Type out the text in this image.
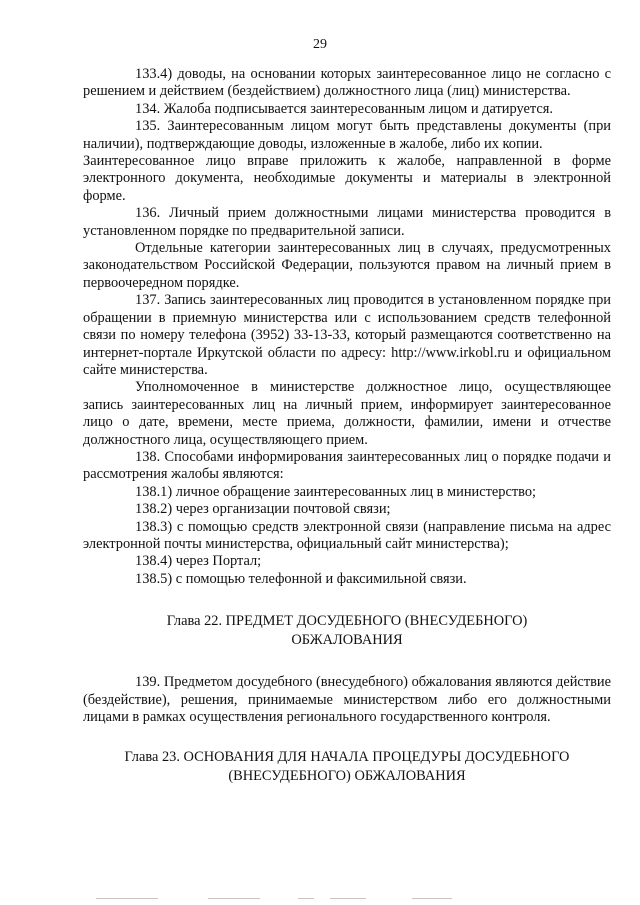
29

133.4) доводы, на основании которых заинтересованное лицо не согласно с решением и действием (бездействием) должностного лица (лиц) министерства.

134. Жалоба подписывается заинтересованным лицом и датируется.

135. Заинтересованным лицом могут быть представлены документы (при наличии), подтверждающие доводы, изложенные в жалобе, либо их копии.

Заинтересованное лицо вправе приложить к жалобе, направленной в форме электронного документа, необходимые документы и материалы в электронной форме.

136. Личный прием должностными лицами министерства проводится в установленном порядке по предварительной записи.

Отдельные категории заинтересованных лиц в случаях, предусмотренных законодательством Российской Федерации, пользуются правом на личный прием в первоочередном порядке.

137. Запись заинтересованных лиц проводится в установленном порядке при обращении в приемную министерства или с использованием средств телефонной связи по номеру телефона (3952) 33-13-33, который размещаются соответственно на интернет-портале Иркутской области по адресу: http://www.irkobl.ru и официальном сайте министерства.

Уполномоченное в министерстве должностное лицо, осуществляющее запись заинтересованных лиц на личный прием, информирует заинтересованное лицо о дате, времени, месте приема, должности, фамилии, имени и отчестве должностного лица, осуществляющего прием.

138. Способами информирования заинтересованных лиц о порядке подачи и рассмотрения жалобы являются:

138.1) личное обращение заинтересованных лиц в министерство;

138.2) через организации почтовой связи;

138.3) с помощью средств электронной связи (направление письма на адрес электронной почты министерства, официальный сайт министерства);

138.4) через Портал;

138.5) с помощью телефонной и факсимильной связи.

Глава 22. ПРЕДМЕТ ДОСУДЕБНОГО (ВНЕСУДЕБНОГО)
ОБЖАЛОВАНИЯ

139. Предметом досудебного (внесудебного) обжалования являются действие (бездействие), решения, принимаемые министерством либо его должностными лицами в рамках осуществления регионального государственного контроля.

Глава 23. ОСНОВАНИЯ ДЛЯ НАЧАЛА ПРОЦЕДУРЫ ДОСУДЕБНОГО
(ВНЕСУДЕБНОГО) ОБЖАЛОВАНИЯ
